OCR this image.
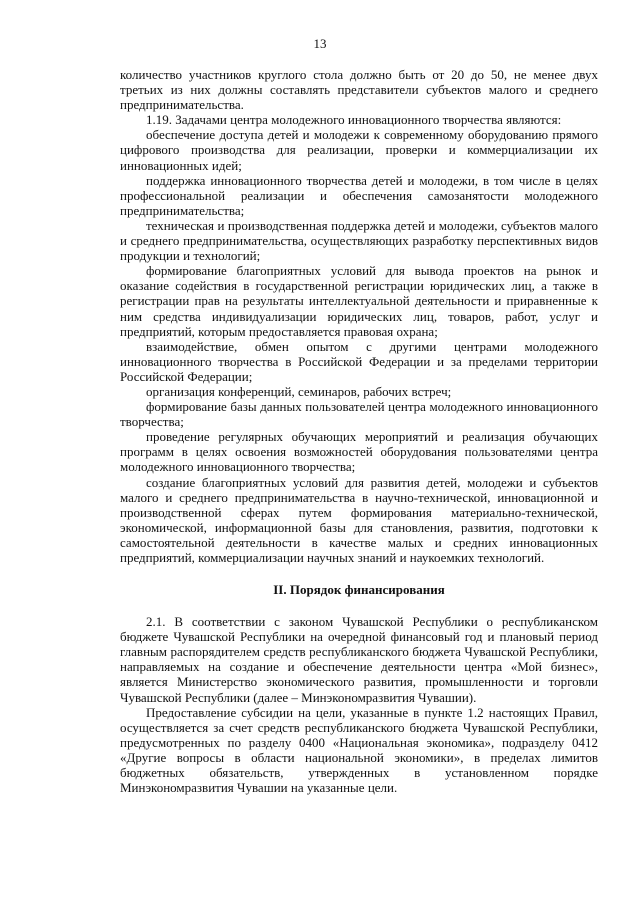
13

количество участников круглого стола должно быть от 20 до 50, не менее двух третьих из них должны составлять представители субъектов малого и среднего предпринимательства.

1.19. Задачами центра молодежного инновационного творчества являются:

обеспечение доступа детей и молодежи к современному оборудованию прямого цифрового производства для реализации, проверки и коммерциализации их инновационных идей;

поддержка инновационного творчества детей и молодежи, в том числе в целях профессиональной реализации и обеспечения самозанятости молодежного предпринимательства;

техническая и производственная поддержка детей и молодежи, субъектов малого и среднего предпринимательства, осуществляющих разработку перспективных видов продукции и технологий;

формирование благоприятных условий для вывода проектов на рынок и оказание содействия в государственной регистрации юридических лиц, а также в регистрации прав на результаты интеллектуальной деятельности и приравненные к ним средства индивидуализации юридических лиц, товаров, работ, услуг и предприятий, которым предоставляется правовая охрана;

взаимодействие, обмен опытом с другими центрами молодежного инновационного творчества в Российской Федерации и за пределами территории Российской Федерации;

организация конференций, семинаров, рабочих встреч;

формирование базы данных пользователей центра молодежного инновационного творчества;

проведение регулярных обучающих мероприятий и реализация обучающих программ в целях освоения возможностей оборудования пользователями центра молодежного инновационного творчества;

создание благоприятных условий для развития детей, молодежи и субъектов малого и среднего предпринимательства в научно-технической, инновационной и производственной сферах путем формирования материально-технической, экономической, информационной базы для становления, развития, подготовки к самостоятельной деятельности в качестве малых и средних инновационных предприятий, коммерциализации научных знаний и наукоемких технологий.

II. Порядок финансирования

2.1. В соответствии с законом Чувашской Республики о республиканском бюджете Чувашской Республики на очередной финансовый год и плановый период главным распорядителем средств республиканского бюджета Чувашской Республики, направляемых на создание и обеспечение деятельности центра «Мой бизнес», является Министерство экономического развития, промышленности и торговли Чувашской Республики (далее – Минэкономразвития Чувашии).

Предоставление субсидии на цели, указанные в пункте 1.2 настоящих Правил, осуществляется за счет средств республиканского бюджета Чувашской Республики, предусмотренных по разделу 0400 «Национальная экономика», подразделу 0412 «Другие вопросы в области национальной экономики», в пределах лимитов бюджетных обязательств, утвержденных в установленном порядке Минэкономразвития Чувашии на указанные цели.
